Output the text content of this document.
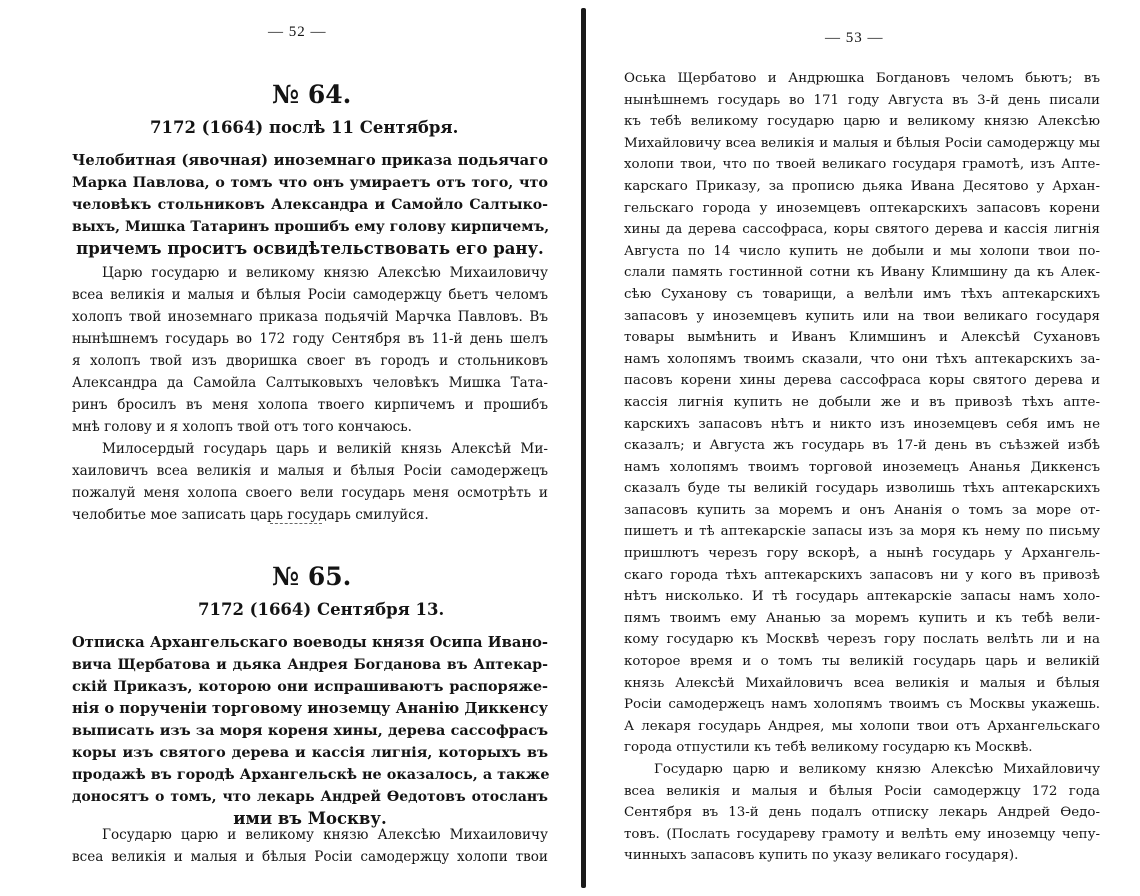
— 52 —
№ 64.
7172 (1664) послѣ 11 Сентября.
Челобитная (явочная) иноземнаго приказа подьячаго
Марка Павлова, о томъ что онъ умираетъ отъ того, что
человѣкъ стольниковъ Александра и Самойло Салтыко-
выхъ, Мишка Татаринъ прошибъ ему голову кирпичемъ,
причемъ проситъ освидѣтельствовать его рану.
Царю государю и великому князю Алексѣю Михаиловичу
всеа великія и малыя и бѣлыя Росіи самодержцу бьетъ челомъ
холопъ твой иноземнаго приказа подьячій Марчка Павловъ. Въ
нынѣшнемъ государь во 172 году Сентября въ 11-й день шелъ
я холопъ твой изъ дворишка своег въ городъ и стольниковъ
Александра да Самойла Салтыковыхъ человѣкъ Мишка Тата-
ринъ бросилъ въ меня холопа твоего кирпичемъ и прошибъ
мнѣ голову и я холопъ твой отъ того кончаюсь.
Милосердый государь царь и великій князь Алексѣй Ми-
хаиловичъ всеа великія и малыя и бѣлыя Росіи самодержецъ
пожалуй меня холопа своего вели государь меня осмотрѣть и
челобитье мое записать царь государь смилуйся.
№ 65.
7172 (1664) Сентября 13.
Отписка Архангельскаго воеводы князя Осипа Ивано-
вича Щербатова и дьяка Андрея Богданова въ Аптекар-
скій Приказъ, которою они испрашиваютъ распоряже-
нія о порученіи торговому иноземцу Ананію Диккенсу
выписать изъ за моря кореня хины, дерева сассофрасъ
коры изъ святого дерева и кассія лигнія, которыхъ въ
продажѣ въ городѣ Архангельскѣ не оказалось, а также
доносятъ о томъ, что лекарь Андрей Өедотовъ отосланъ
ими въ Москву.
Государю царю и великому князю Алексѣю Михаиловичу
всеа великія и малыя и бѣлыя Росіи самодержцу холопи твои
— 53 —
Оська Щербатово и Андрюшка Богдановъ челомъ бьютъ; въ
нынѣшнемъ государь во 171 году Августа въ 3-й день писали
къ тебѣ великому государю царю и великому князю Алексѣю
Михайловичу всеа великія и малыя и бѣлыя Росіи самодержцу мы
холопи твои, что по твоей великаго государя грамотѣ, изъ Апте-
карскаго Приказу, за прописю дьяка Ивана Десятово у Архан-
гельскаго города у иноземцевъ оптекарскихъ запасовъ корени
хины да дерева сассофраса, коры святого дерева и кассія лигнія
Августа по 14 число купить не добыли и мы холопи твои по-
слали память гостинной сотни къ Ивану Климшину да къ Алек-
сѣю Суханову съ товарищи, а велѣли имъ тѣхъ аптекарскихъ
запасовъ у иноземцевъ купить или на твои великаго государя
товары вымѣнить и Иванъ Климшинъ и Алексѣй Сухановъ
намъ холопямъ твоимъ сказали, что они тѣхъ аптекарскихъ за-
пасовъ корени хины дерева сассофраса коры святого дерева и
кассія лигнія купить не добыли же и въ привозѣ тѣхъ апте-
карскихъ запасовъ нѣтъ и никто изъ иноземцевъ себя имъ не
сказалъ; и Августа жъ государь въ 17-й день въ съѣзжей избѣ
намъ холопямъ твоимъ торговой иноземецъ Ананья Диккенсъ
сказалъ буде ты великій государь изволишь тѣхъ аптекарскихъ
запасовъ купить за моремъ и онъ Ананія о томъ за море от-
пишетъ и тѣ аптекарскіе запасы изъ за моря къ нему по письму
пришлютъ черезъ гору вскорѣ, а нынѣ государь у Архангель-
скаго города тѣхъ аптекарскихъ запасовъ ни у кого въ привозѣ
нѣтъ нисколько. И тѣ государь аптекарскіе запасы намъ холо-
пямъ твоимъ ему Ананью за моремъ купить и къ тебѣ вели-
кому государю къ Москвѣ черезъ гору послать велѣть ли и на
которое время и о томъ ты великій государь царь и великій
князь Алексѣй Михайловичъ всеа великія и малыя и бѣлыя
Росіи самодержецъ намъ холопямъ твоимъ съ Москвы укажешь.
А лекаря государь Андрея, мы холопи твои отъ Архангельскаго
города отпустили къ тебѣ великому государю къ Москвѣ.
Государю царю и великому князю Алексѣю Михайловичу
всеа великія и малыя и бѣлыя Росіи самодержцу 172 года
Сентября въ 13-й день подалъ отписку лекарь Андрей Өедо-
товъ. (Послать государеву грамоту и велѣть ему иноземцу чепу-
чинныхъ запасовъ купить по указу великаго государя).
